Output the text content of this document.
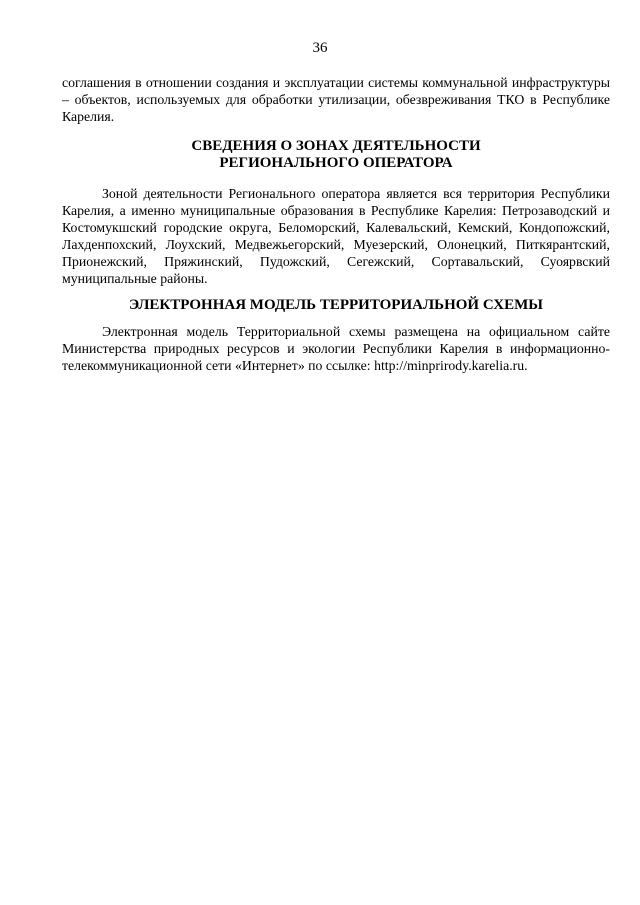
36

соглашения в отношении создания и эксплуатации системы коммунальной инфраструктуры – объектов, используемых для обработки утилизации, обезвреживания ТКО в Республике Карелия.

СВЕДЕНИЯ О ЗОНАХ ДЕЯТЕЛЬНОСТИ
РЕГИОНАЛЬНОГО ОПЕРАТОРА

Зоной деятельности Регионального оператора является вся территория Республики Карелия, а именно муниципальные образования в Республике Карелия: Петрозаводский и Костомукшский городские округа, Беломорский, Калевальский, Кемский, Кондопожский, Лахденпохский, Лоухский, Медвежьегорский, Муезерский, Олонецкий, Питкярантский, Прионежский, Пряжинский, Пудожский, Сегежский, Сортавальский, Суоярвский муниципальные районы.

ЭЛЕКТРОННАЯ МОДЕЛЬ ТЕРРИТОРИАЛЬНОЙ СХЕМЫ

Электронная модель Территориальной схемы размещена на официальном сайте Министерства природных ресурсов и экологии Республики Карелия в информационно-телекоммуникационной сети «Интернет» по ссылке: http://minprirody.karelia.ru.
